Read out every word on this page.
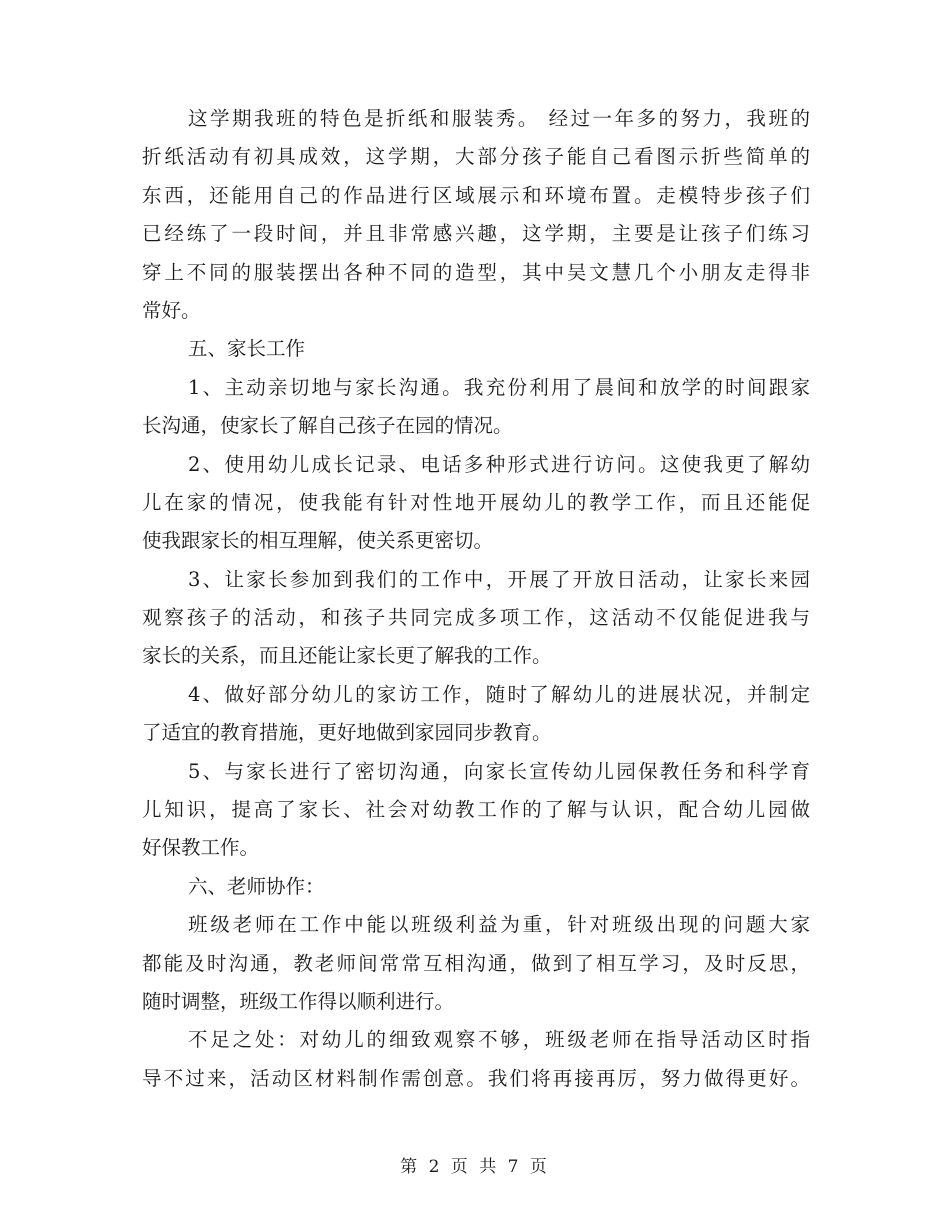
这学期我班的特色是折纸和服装秀。 经过一年多的努力，我班的
折纸活动有初具成效，这学期，大部分孩子能自己看图示折些简单的
东西，还能用自己的作品进行区域展示和环境布置。走模特步孩子们
已经练了一段时间，并且非常感兴趣，这学期，主要是让孩子们练习
穿上不同的服装摆出各种不同的造型，其中吴文慧几个小朋友走得非
常好。
五、家长工作
1、主动亲切地与家长沟通。我充份利用了晨间和放学的时间跟家
长沟通，使家长了解自己孩子在园的情况。
2、使用幼儿成长记录、电话多种形式进行访问。这使我更了解幼
儿在家的情况，使我能有针对性地开展幼儿的教学工作，而且还能促
使我跟家长的相互理解，使关系更密切。
3、让家长参加到我们的工作中，开展了开放日活动，让家长来园
观察孩子的活动，和孩子共同完成多项工作，这活动不仅能促进我与
家长的关系，而且还能让家长更了解我的工作。
4、做好部分幼儿的家访工作，随时了解幼儿的进展状况，并制定
了适宜的教育措施，更好地做到家园同步教育。
5、与家长进行了密切沟通，向家长宣传幼儿园保教任务和科学育
儿知识，提高了家长、社会对幼教工作的了解与认识，配合幼儿园做
好保教工作。
六、老师协作：
班级老师在工作中能以班级利益为重，针对班级出现的问题大家
都能及时沟通，教老师间常常互相沟通，做到了相互学习，及时反思，
随时调整，班级工作得以顺利进行。
不足之处：对幼儿的细致观察不够，班级老师在指导活动区时指
导不过来，活动区材料制作需创意。我们将再接再厉，努力做得更好。
第 2 页 共 7 页
